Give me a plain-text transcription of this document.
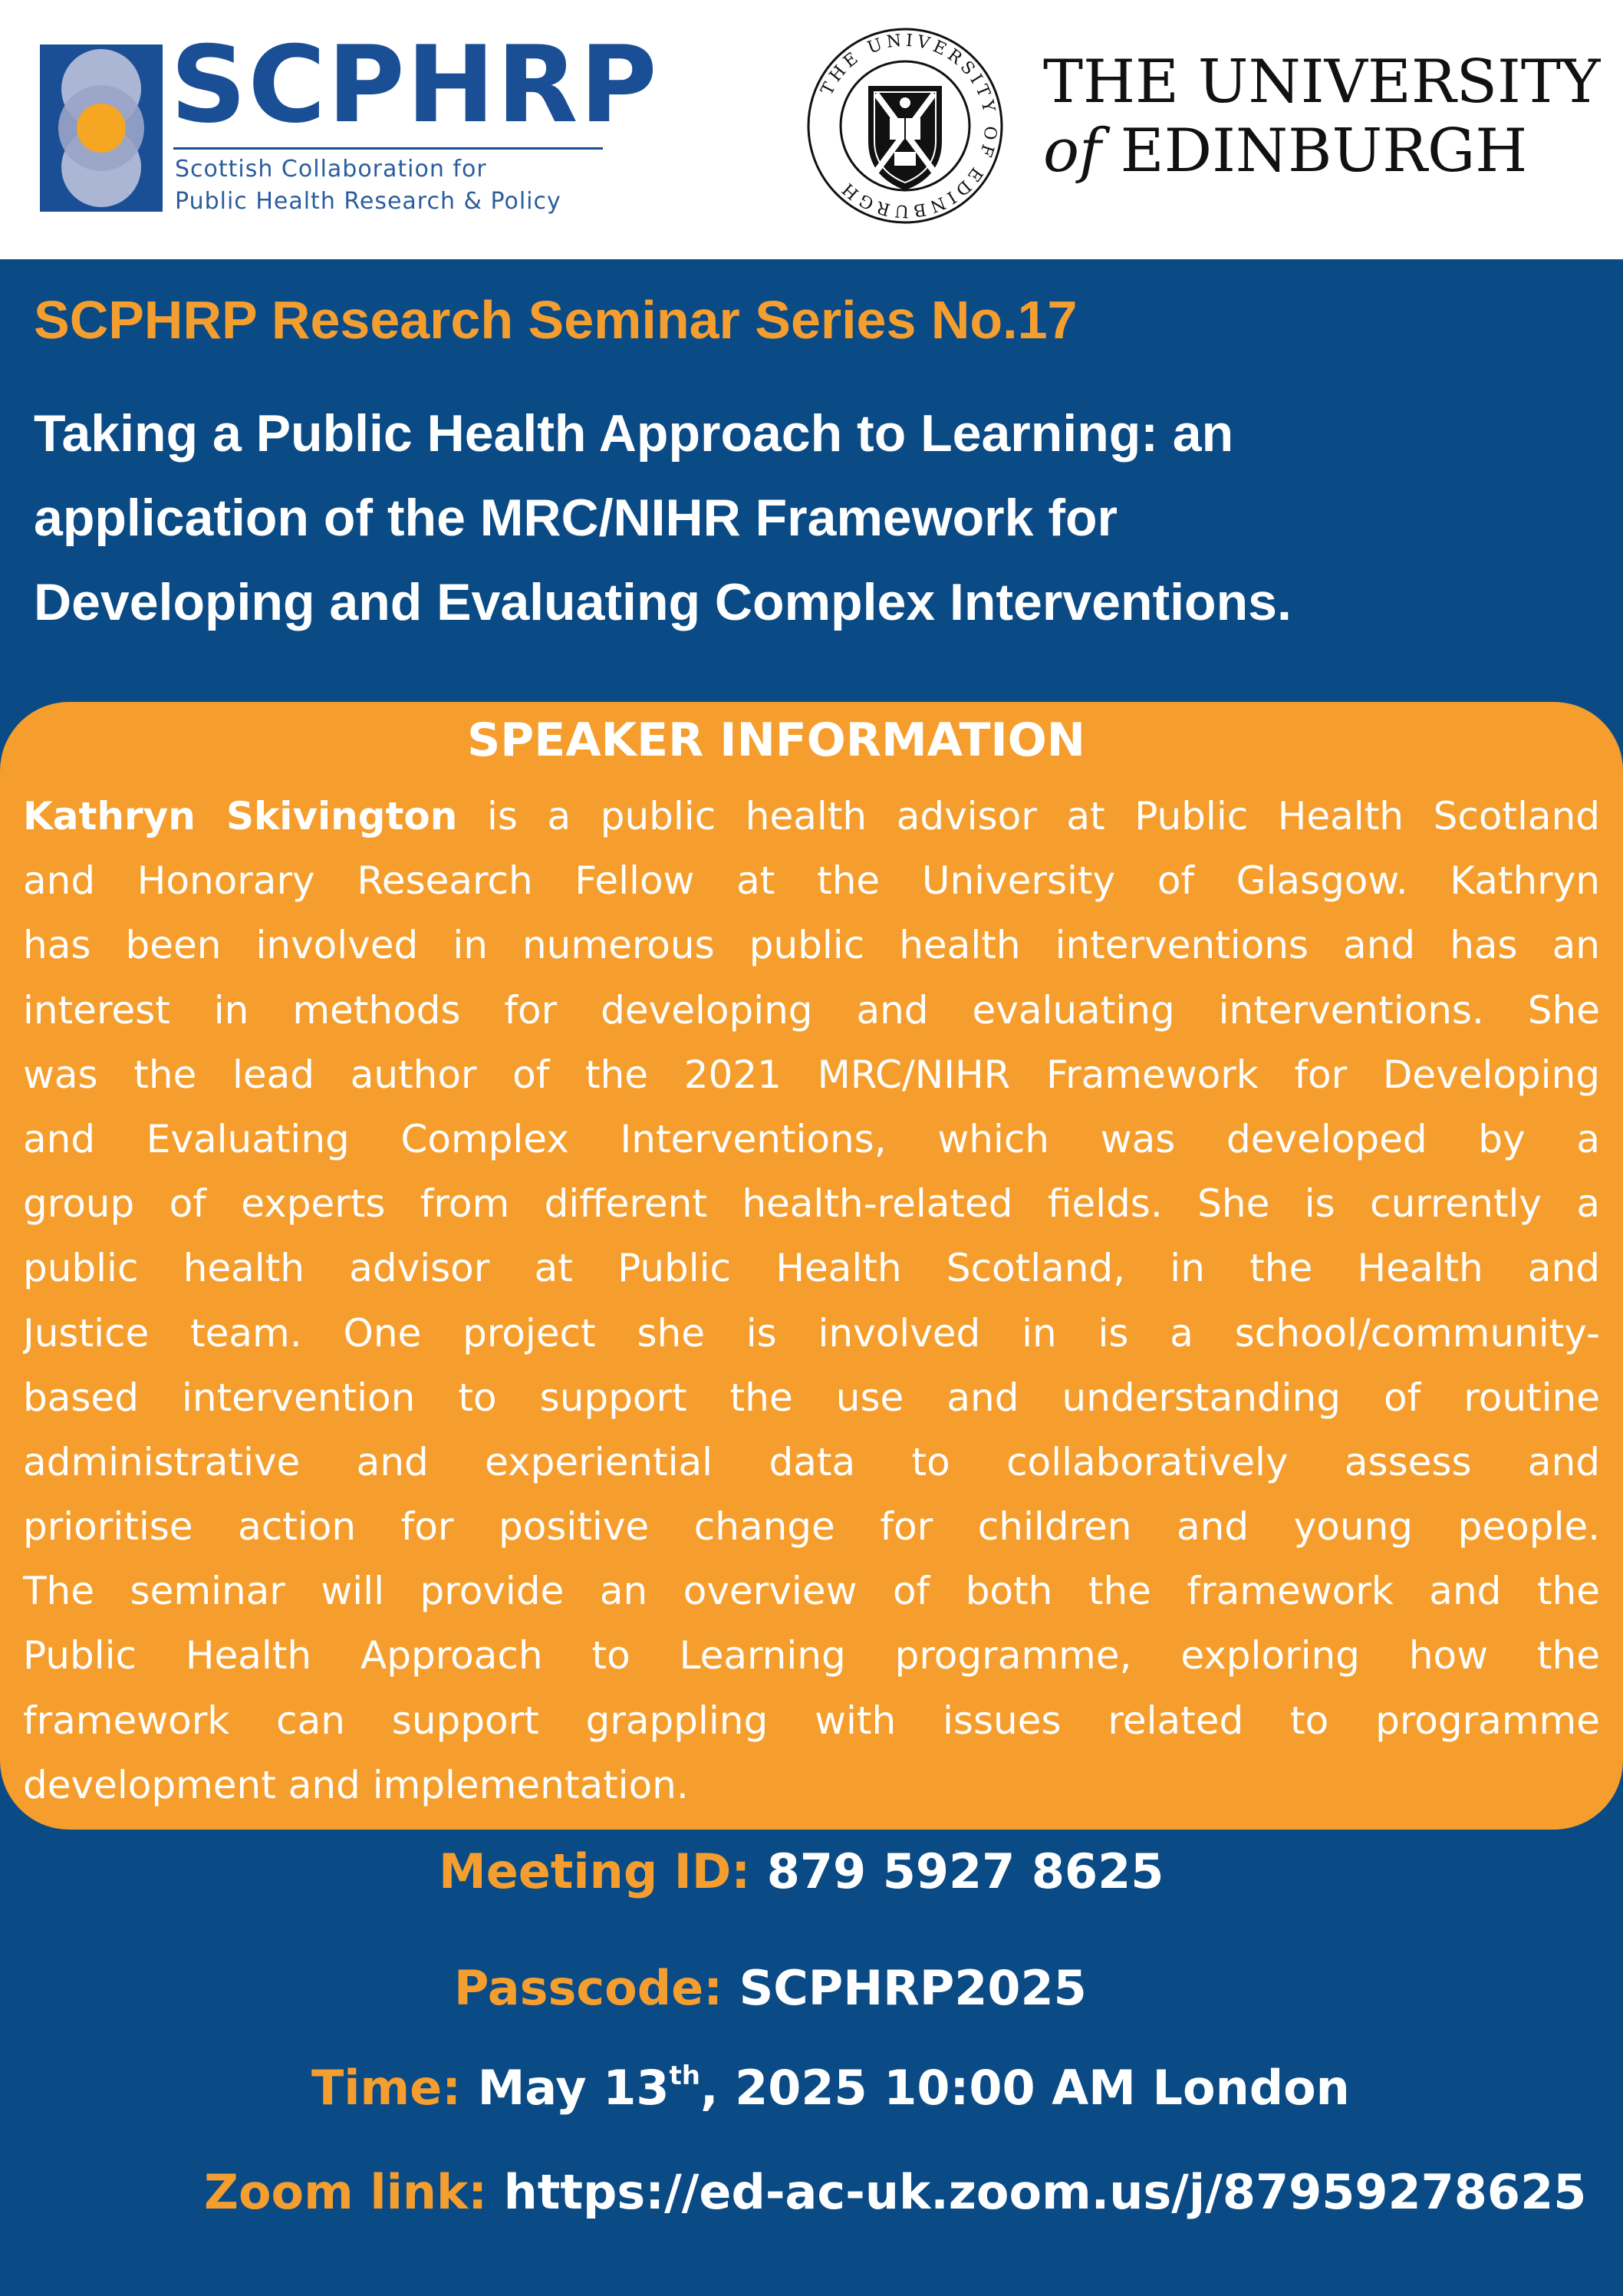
SCPHRP
Scottish Collaboration for
Public Health Research & Policy
THE UNIVERSITY OF EDINBURGH
THE UNIVERSITY
of EDINBURGH
SCPHRP Research Seminar Series No.17
Taking a Public Health Approach to Learning: an
application of the MRC/NIHR Framework for
Developing and Evaluating Complex Interventions.
SPEAKER INFORMATION
Kathryn Skivington is a public health advisor at Public Health Scotland
and Honorary Research Fellow at the University of Glasgow. Kathryn
has been involved in numerous public health interventions and has an
interest in methods for developing and evaluating interventions. She
was the lead author of the 2021 MRC/NIHR Framework for Developing
and Evaluating Complex Interventions, which was developed by a
group of experts from different health-related fields. She is currently a
public health advisor at Public Health Scotland, in the Health and
Justice team. One project she is involved in is a school/community-
based intervention to support the use and understanding of routine
administrative and experiential data to collaboratively assess and
prioritise action for positive change for children and young people.
The seminar will provide an overview of both the framework and the
Public Health Approach to Learning programme, exploring how the
framework can support grappling with issues related to programme
development and implementation.
Meeting ID: 879 5927 8625
Passcode: SCPHRP2025
Time: May 13th, 2025 10:00 AM London
Zoom link: https://ed-ac-uk.zoom.us/j/87959278625
